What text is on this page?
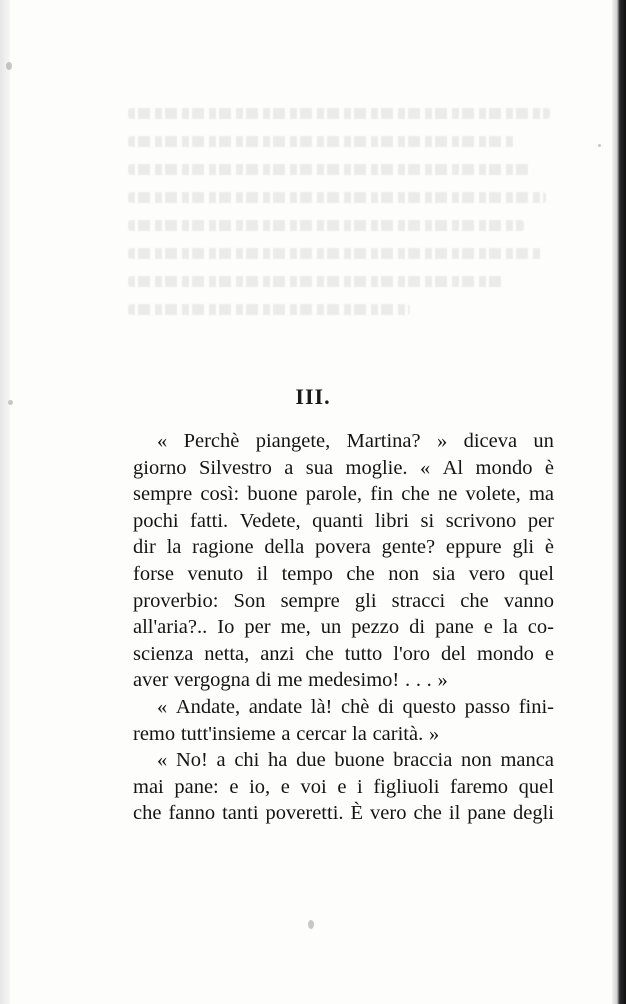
III.
« Perchè piangete, Martina? » diceva un
giorno Silvestro a sua moglie. « Al mondo è
sempre così: buone parole, fin che ne volete, ma
pochi fatti. Vedete, quanti libri si scrivono per
dir la ragione della povera gente? eppure gli è
forse venuto il tempo che non sia vero quel
proverbio: Son sempre gli stracci che vanno
all'aria?.. Io per me, un pezzo di pane e la co-
scienza netta, anzi che tutto l'oro del mondo e
aver vergogna di me medesimo! . . . »
« Andate, andate là! chè di questo passo fini-
remo tutt'insieme a cercar la carità. »
« No! a chi ha due buone braccia non manca
mai pane: e io, e voi e i figliuoli faremo quel
che fanno tanti poveretti. È vero che il pane degli
